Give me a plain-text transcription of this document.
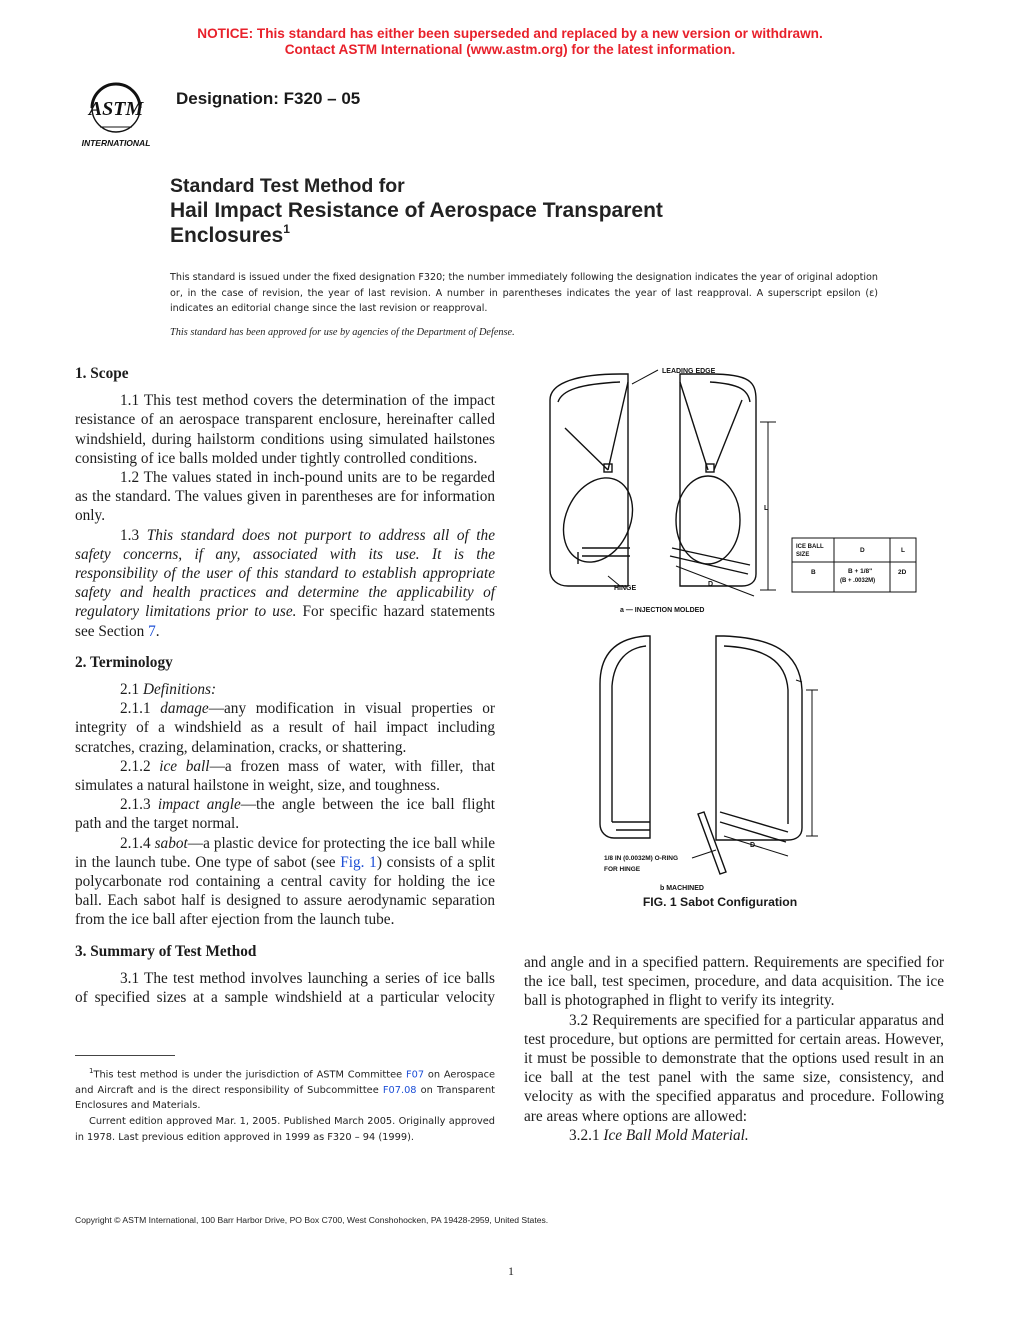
NOTICE: This standard has either been superseded and replaced by a new version or withdrawn.
Contact ASTM International (www.astm.org) for the latest information.
ASTM
INTERNATIONAL
Designation: F320 – 05
Standard Test Method for
Hail Impact Resistance of Aerospace Transparent
Enclosures$^1$
This standard is issued under the fixed designation F320; the number immediately following the designation indicates the year of original adoption or, in the case of revision, the year of last revision. A number in parentheses indicates the year of last reapproval. A superscript epsilon (ε) indicates an editorial change since the last revision or reapproval.
This standard has been approved for use by agencies of the Department of Defense.
1. Scope

1.1 This test method covers the determination of the impact resistance of an aerospace transparent enclosure, hereinafter called windshield, during hailstorm conditions using simulated hailstones consisting of ice balls molded under tightly controlled conditions.

1.2 The values stated in inch-pound units are to be regarded as the standard. The values given in parentheses are for information only.

1.3 This standard does not purport to address all of the safety concerns, if any, associated with its use. It is the responsibility of the user of this standard to establish appropriate safety and health practices and determine the applicability of regulatory limitations prior to use. For specific hazard statements see Section 7.

2. Terminology

2.1 Definitions:

2.1.1 damage—any modification in visual properties or integrity of a windshield as a result of hail impact including scratches, crazing, delamination, cracks, or shattering.

2.1.2 ice ball—a frozen mass of water, with filler, that simulates a natural hailstone in weight, size, and toughness.

2.1.3 impact angle—the angle between the ice ball flight path and the target normal.

2.1.4 sabot—a plastic device for protecting the ice ball while in the launch tube. One type of sabot (see Fig. 1) consists of a split polycarbonate rod containing a central cavity for holding the ice ball. Each sabot half is designed to assure aerodynamic separation from the ice ball after ejection from the launch tube.

3. Summary of Test Method

3.1 The test method involves launching a series of ice balls of specified sizes at a sample windshield at a particular velocity

$^1$This test method is under the jurisdiction of ASTM Committee F07 on Aerospace and Aircraft and is the direct responsibility of Subcommittee F07.08 on Transparent Enclosures and Materials.

Current edition approved Mar. 1, 2005. Published March 2005. Originally approved in 1978. Last previous edition approved in 1999 as F320 – 94 (1999).

LEADING EDGE
HINGE
D
L
a — INJECTION MOLDED
ICE BALL
SIZE
D	L
B	B + 1/8"
(B + .0032M)
2D
D
1/8 IN (0.0032M) O-RING
FOR HINGE
b MACHINED
FIG. 1 Sabot Configuration

and angle and in a specified pattern. Requirements are specified for the ice ball, test specimen, procedure, and data acquisition. The ice ball is photographed in flight to verify its integrity.

3.2 Requirements are specified for a particular apparatus and test procedure, but options are permitted for certain areas. However, it must be possible to demonstrate that the options used result in an ice ball at the test panel with the same size, consistency, and velocity as with the specified apparatus and procedure. Following are areas where options are allowed:

3.2.1 Ice Ball Mold Material.

Copyright © ASTM International, 100 Barr Harbor Drive, PO Box C700, West Conshohocken, PA 19428-2959, United States.
1
